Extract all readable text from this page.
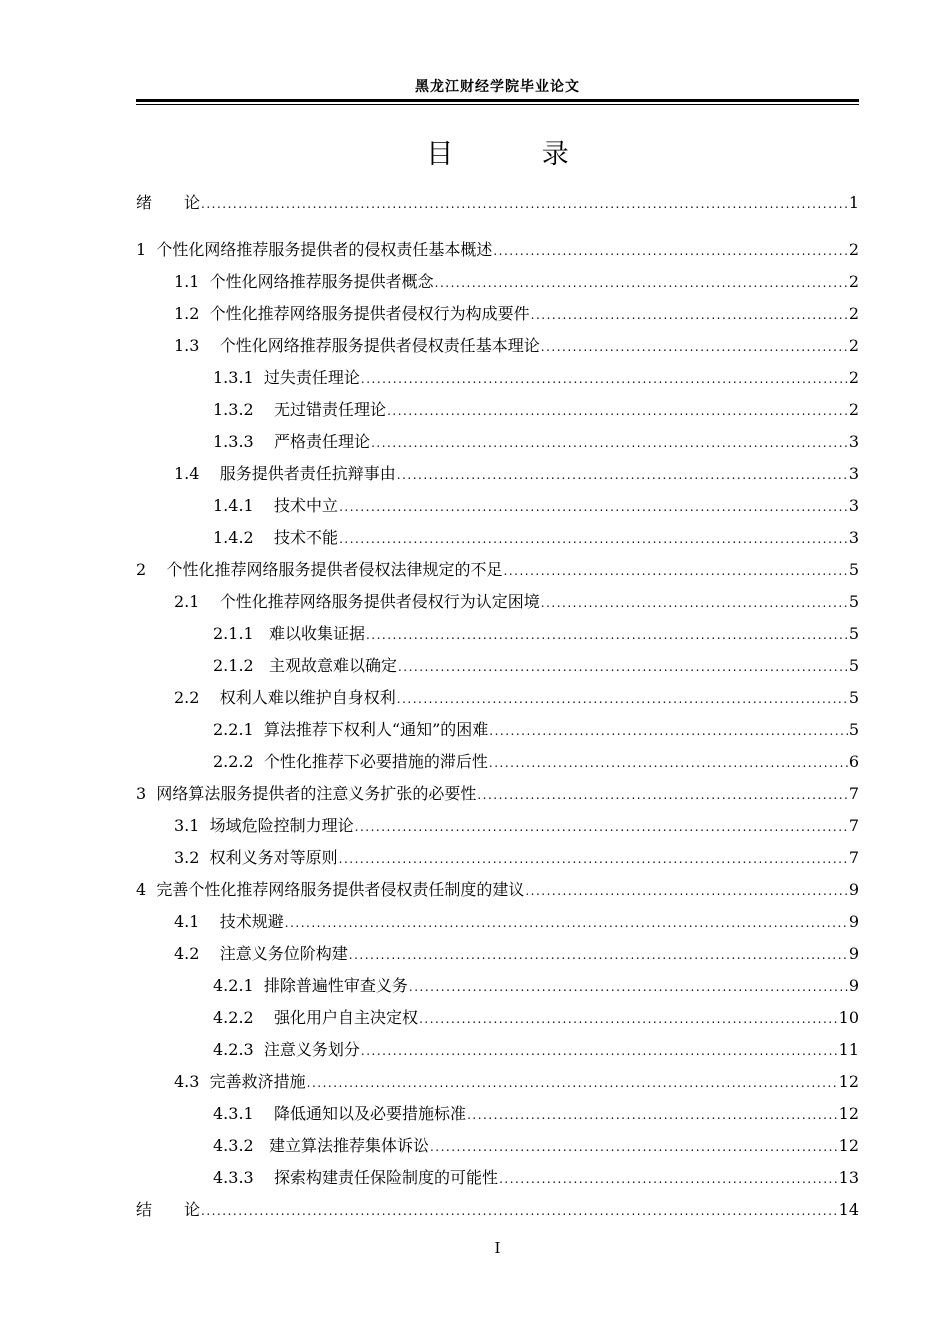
黑龙江财经学院毕业论文
目 录
绪　　论 .....	1
1  个性化网络推荐服务提供者的侵权责任基本概述 .....	2
1.1  个性化网络推荐服务提供者概念 .....	2
1.2  个性化推荐网络服务提供者侵权行为构成要件 .....	2
1.3    个性化网络推荐服务提供者侵权责任基本理论 .....	2
1.3.1  过失责任理论 .....	2
1.3.2    无过错责任理论 .....	2
1.3.3    严格责任理论 .....	3
1.4    服务提供者责任抗辩事由 .....	3
1.4.1    技术中立 .....	3
1.4.2    技术不能 .....	3
2    个性化推荐网络服务提供者侵权法律规定的不足 .....	5
2.1    个性化推荐网络服务提供者侵权行为认定困境 .....	5
2.1.1   难以收集证据 .....	5
2.1.2   主观故意难以确定 .....	5
2.2    权利人难以维护自身权利 .....	5
2.2.1  算法推荐下权利人“通知”的困难 .....	5
2.2.2  个性化推荐下必要措施的滞后性 .....	6
3  网络算法服务提供者的注意义务扩张的必要性 .....	7
3.1  场域危险控制力理论 .....	7
3.2  权利义务对等原则 .....	7
4  完善个性化推荐网络服务提供者侵权责任制度的建议 .....	9
4.1    技术规避 .....	9
4.2    注意义务位阶构建 .....	9
4.2.1  排除普遍性审查义务 .....	9
4.2.2    强化用户自主决定权 .....	10
4.2.3  注意义务划分 .....	11
4.3  完善救济措施 .....	12
4.3.1    降低通知以及必要措施标准 .....	12
4.3.2   建立算法推荐集体诉讼 .....	12
4.3.3    探索构建责任保险制度的可能性 .....	13
结　　论 .....	14
I
